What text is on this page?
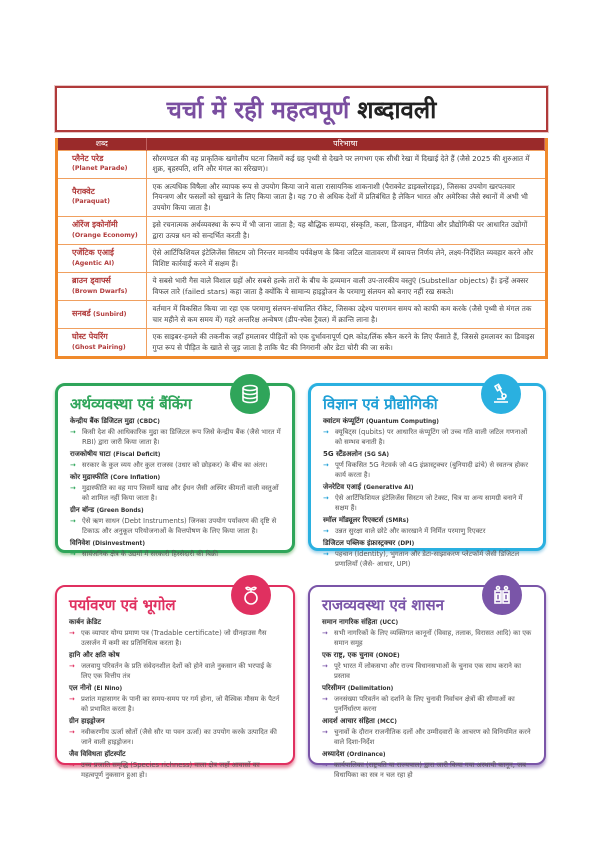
चर्चा में रही महत्वपूर्ण शब्दावली
शब्द	परिभाषा

प्लैनेट परेड
(Planet Parade)	सौरमण्डल की वह प्राकृतिक खगोलीय घटना जिसमें कई ग्रह पृथ्वी से देखने पर लगभग एक सीधी रेखा में दिखाई देते हैं (जैसे 2025 की शुरुआत में शुक्र, बृहस्पति, शनि और मंगल का संरेखण)।

पैराक्वेट
(Paraquat)	एक अत्यधिक विषैला और व्यापक रूप से उपयोग किया जाने वाला रासायनिक शाकनाशी (पैराक्वेट डाइक्लोराइड), जिसका उपयोग खरपतवार नियन्त्रण और फसलों को सुखाने के लिए किया जाता है। यह 70 से अधिक देशों में प्रतिबंधित है लेकिन भारत और अमेरिका जैसे स्थानों में अभी भी उपयोग किया जाता है।

ऑरेंज इकोनॉमी
(Orange Economy)	इसे रचनात्मक अर्थव्यवस्था के रूप में भी जाना जाता है; यह बौद्धिक सम्पदा, संस्कृति, कला, डिजाइन, मीडिया और प्रौद्योगिकी पर आधारित उद्योगों द्वारा उत्पन्न धन को सन्दर्भित करती है।

एजेंटिक एआई
(Agentic AI)	ऐसे आर्टिफिशियल इंटेलिजेंस सिस्टम जो निरन्तर मानवीय पर्यवेक्षण के बिना जटिल वातावरण में स्वायत्त निर्णय लेने, लक्ष्य-निर्देशित व्यवहार करने और विशिष्ट कार्रवाई करने में सक्षम हैं।

ब्राउन ड्वार्फ्स
(Brown Dwarfs)	ये सबसे भारी गैस वाले विशाल ग्रहों और सबसे हल्के तारों के बीच के द्रव्यमान वाली उप-तारकीय वस्तुएं (Substellar objects) हैं। इन्हें अक्सर विफल तारे (failed stars) कहा जाता है क्योंकि ये सामान्य हाइड्रोजन के परमाणु संलयन को बनाए नहीं रख सकते।
सनबर्ड (Sunbird)	वर्तमान में विकसित किया जा रहा एक परमाणु संलयन-संचालित रॉकेट, जिसका उद्देश्य पारगमन समय को काफी कम करके (जैसे पृथ्वी से मंगल तक चार महीने से कम समय में) गहरे अन्तरिक्ष अन्वेषण (डीप-स्पेस ट्रैवल) में क्रान्ति लाना है।

घोस्ट पेयरिंग
(Ghost Pairing)	एक साइबर-हमले की तकनीक जहाँ हमलावर पीड़ितों को एक दुर्भावनापूर्ण QR कोड/लिंक स्कैन करने के लिए फँसाते हैं, जिससे हमलावर का डिवाइस गुप्त रूप से पीड़ित के खाते से जुड़ जाता है ताकि चैट की निगरानी और डेटा चोरी की जा सके।
अर्थव्यवस्था एवं बैंकिंग
केन्द्रीय बैंक डिजिटल मुद्रा (CBDC)
→ किसी देश की आधिकारिक मुद्रा का डिजिटल रूप जिसे केन्द्रीय बैंक (जैसे भारत में RBI) द्वारा जारी किया जाता है।
राजकोषीय घाटा (Fiscal Deficit)
→ सरकार के कुल व्यय और कुल राजस्व (उधार को छोड़कर) के बीच का अंतर।
कोर मुद्रास्फीति (Core Inflation)
→ मुद्रास्फीति का वह माप जिसमें खाद्य और ईंधन जैसी अस्थिर कीमतों वाली वस्तुओं को शामिल नहीं किया जाता है।
ग्रीन बॉन्ड (Green Bonds)
→ ऐसे ऋण साधन (Debt Instruments) जिनका उपयोग पर्यावरण की दृष्टि से टिकाऊ और अनुकूल परियोजनाओं के वित्तपोषण के लिए किया जाता है।
विनिवेश (Disinvestment)
→ सार्वजनिक क्षेत्र के उद्यमों में सरकारी हिस्सेदारी की बिक्री
विज्ञान एवं प्रौद्योगिकी
क्वांटम कंप्यूटिंग (Quantum Computing)
→ क्यूबिट्स (qubits) पर आधारित कंप्यूटिंग जो उच्च गति वाली जटिल गणनाओं को सम्भव बनाती है।
5G स्टैंडअलोन (5G SA)
→ पूर्ण विकसित 5G नेटवर्क जो 4G इंफ्रास्ट्रक्चर (बुनियादी ढांचे) से स्वतन्त्र होकर कार्य करता है।
जेनरेटिव एआई (Generative AI)
→ ऐसे आर्टिफिशियल इंटेलिजेंस सिस्टम जो टेक्स्ट, चित्र या अन्य सामग्री बनाने में सक्षम हैं।
स्मॉल मॉड्यूलर रिएक्टर्स (SMRs)
→ उन्नत सुरक्षा वाले छोटे और कारखाने में निर्मित परमाणु रिएक्टर
डिजिटल पब्लिक इंफ्रास्ट्रक्चर (DPI)
→ पहचान (Identity), भुगतान और डेटा-साझाकरण प्लेटफॉर्म जैसी डिजिटल प्रणालियाँ (जैसे- आधार, UPI)
पर्यावरण एवं भूगोल
कार्बन क्रेडिट
→ एक व्यापार योग्य प्रमाण पत्र (Tradable certificate) जो ग्रीनहाउस गैस उत्सर्जन में कमी का प्रतिनिधित्व करता है।
हानि और क्षति कोष
→ जलवायु परिवर्तन के प्रति संवेदनशील देशों को होने वाले नुकसान की भरपाई के लिए एक वित्तीय तंत्र
एल नीनो (El Nino)
→ प्रशांत महासागर के पानी का समय-समय पर गर्म होना, जो वैश्विक मौसम के पैटर्न को प्रभावित करता है।
ग्रीन हाइड्रोजन
→ नवीकरणीय ऊर्जा स्रोतों (जैसे सौर या पवन ऊर्जा) का उपयोग करके उत्पादित की जाने वाली हाइड्रोजन।
जैव विविधता हॉटस्पॉट
→ उच्च प्रजाति समृद्धि (Species richness) वाला क्षेत्र जहाँ आवासों का महत्वपूर्ण नुकसान हुआ हो।
राजव्यवस्था एवं शासन
समान नागरिक संहिता (UCC)
→ सभी नागरिकों के लिए व्यक्तिगत कानूनों (विवाह, तलाक, विरासत आदि) का एक समान समूह
एक राष्ट्र, एक चुनाव (ONOE)
→ पूरे भारत में लोकसभा और राज्य विधानसभाओं के चुनाव एक साथ कराने का प्रस्ताव
परिसीमन (Delimitation)
→ जनसंख्या परिवर्तन को दर्शाने के लिए चुनावी निर्वाचन क्षेत्रों की सीमाओं का पुनर्निर्धारण करना
आदर्श आचार संहिता (MCC)
→ चुनावों के दौरान राजनीतिक दलों और उम्मीदवारों के आचरण को विनियमित करने वाले दिशा-निर्देश
अध्यादेश (Ordinance)
→ कार्यपालिका (राष्ट्रपति या राज्यपाल) द्वारा जारी किया गया अस्थायी कानून, जब विधायिका का सत्र न चल रहा हो
